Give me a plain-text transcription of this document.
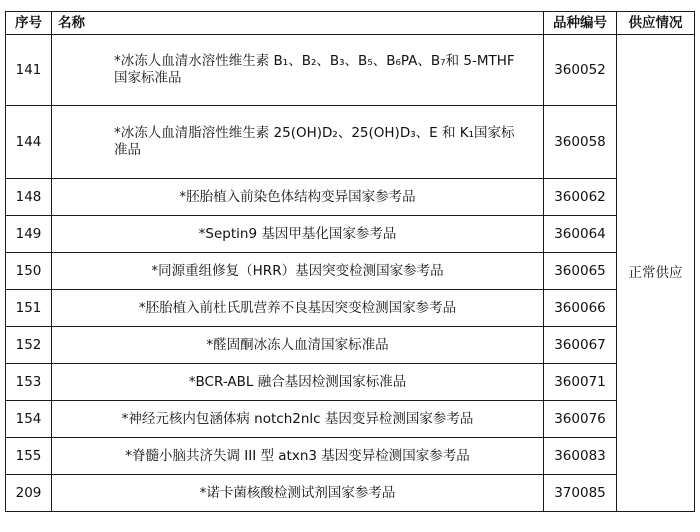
序号	名称	品种编号	供应情况
141	*冰冻人血清水溶性维生素 B₁、B₂、B₃、B₅、B₆PA、B₇和 5-MTHF 国家标准品	360052	正常供应
144	*冰冻人血清脂溶性维生素 25(OH)D₂、25(OH)D₃、E 和 K₁国家标准品	360058	
148	*胚胎植入前染色体结构变异国家参考品	360062	
149	*Septin9 基因甲基化国家参考品	360064	
150	*同源重组修复（HRR）基因突变检测国家参考品	360065	
151	*胚胎植入前杜氏肌营养不良基因突变检测国家参考品	360066	
152	*醛固酮冰冻人血清国家标准品	360067	
153	*BCR-ABL 融合基因检测国家标准品	360071	
154	*神经元核内包涵体病 notch2nlc 基因变异检测国家参考品	360076	
155	*脊髓小脑共济失调 III 型 atxn3 基因变异检测国家参考品	360083	
209	*诺卡菌核酸检测试剂国家参考品	370085	
